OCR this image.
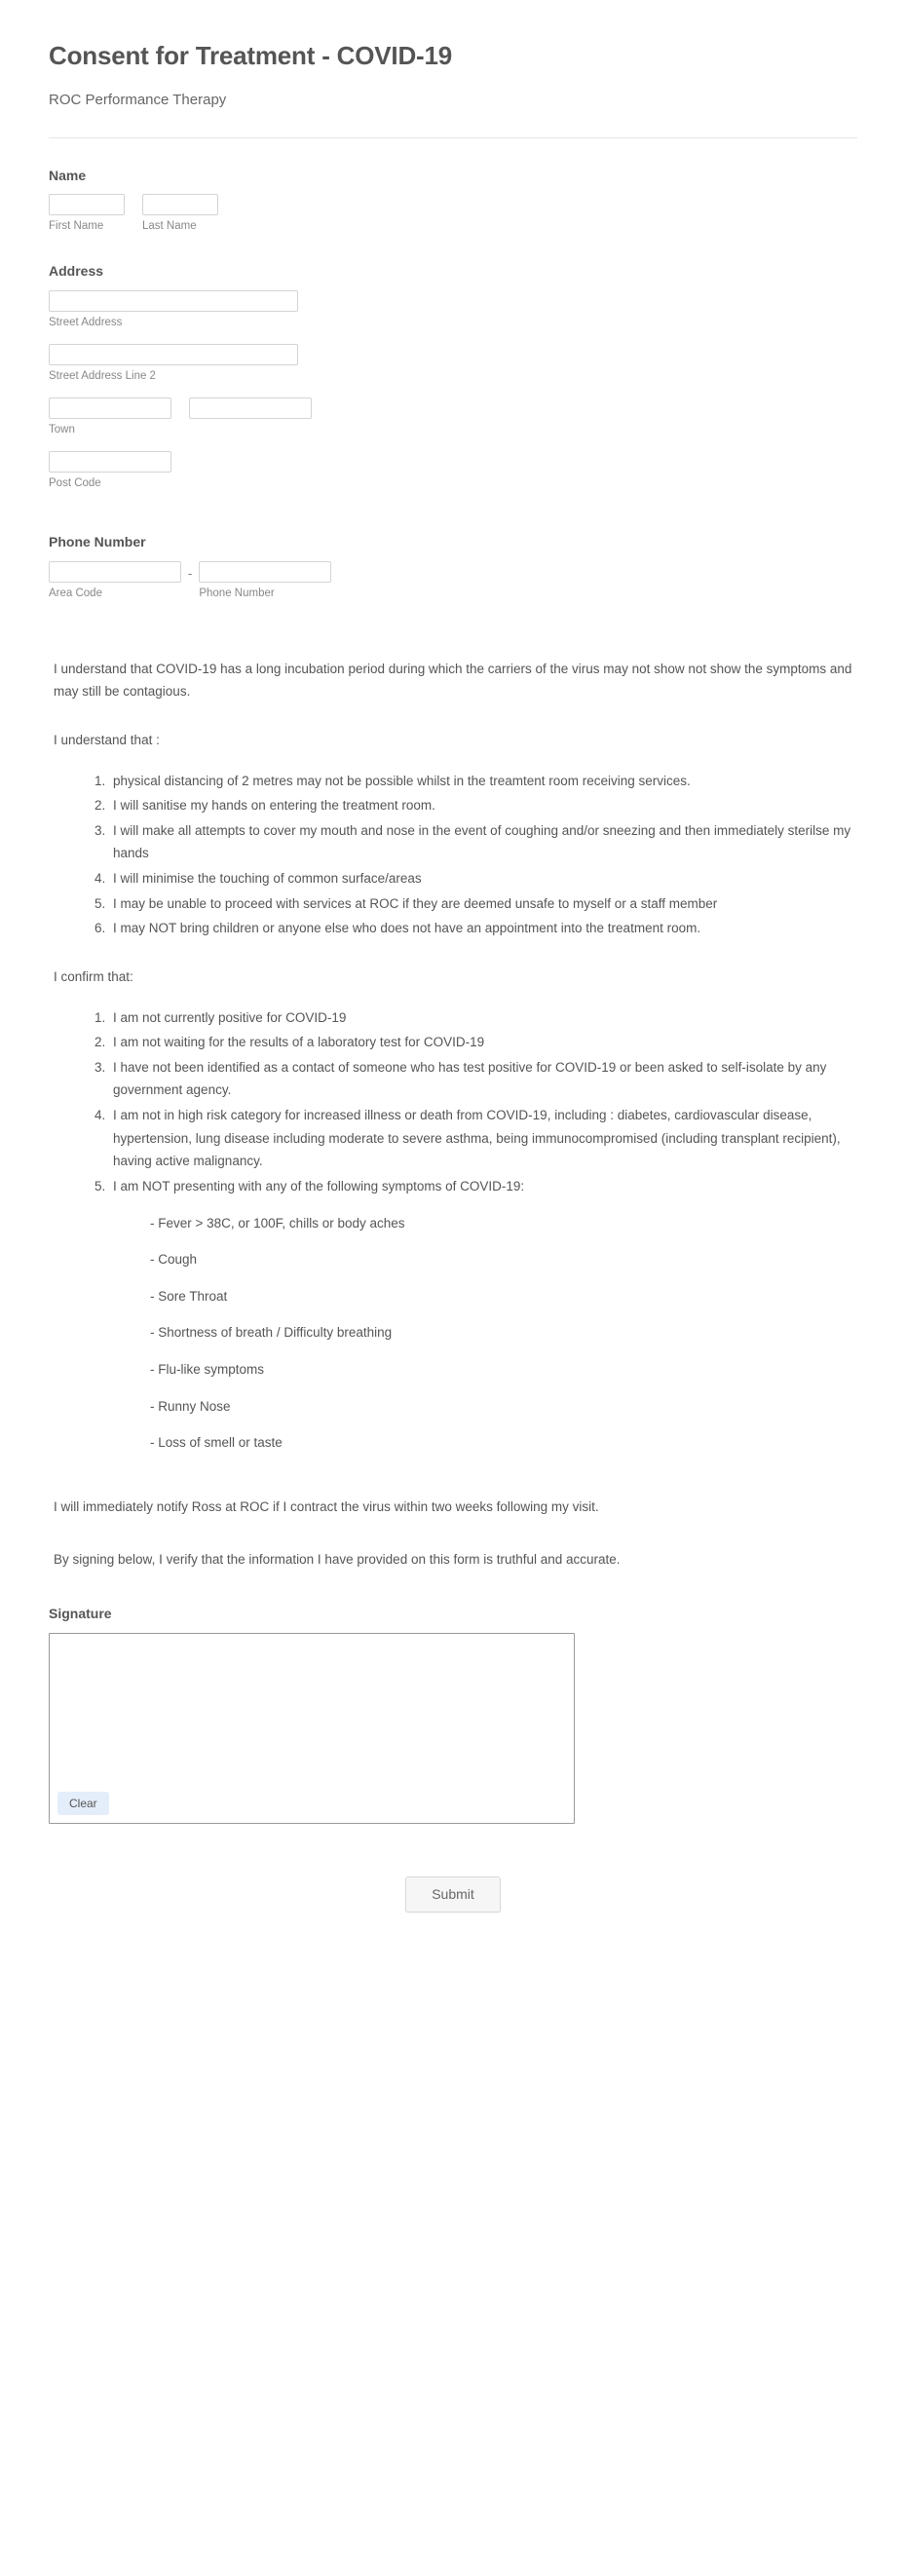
Consent for Treatment - COVID-19
ROC Performance Therapy
Name
First Name	Last Name
Address
Street Address
Street Address Line 2
Town
Post Code
Phone Number
Area Code
-
Phone Number

I understand that COVID-19 has a long incubation period during which the carriers of the virus may not show not show the symptoms and may still be contagious.

I understand that :

1. physical distancing of 2 metres may not be possible whilst in the treamtent room receiving services.
2. I will sanitise my hands on entering the treatment room.
3. I will make all attempts to cover my mouth and nose in the event of coughing and/or sneezing and then immediately sterilse my hands
4. I will minimise the touching of common surface/areas
5. I may be unable to proceed with services at ROC if they are deemed unsafe to myself or a staff member
6. I may NOT bring children or anyone else who does not have an appointment into the treatment room.

I confirm that:

1. I am not currently positive for COVID-19
2. I am not waiting for the results of a laboratory test for COVID-19
3. I have not been identified as a contact of someone who has test positive for COVID-19 or been asked to self-isolate by any government agency.
4. I am not in high risk category for increased illness or death from COVID-19, including : diabetes, cardiovascular disease, hypertension, lung disease including moderate to severe asthma, being immunocompromised (including transplant recipient), having active malignancy.
5. I am NOT presenting with any of the following symptoms of COVID-19:
- Fever > 38C, or 100F, chills or body aches
- Cough
- Sore Throat
- Shortness of breath / Difficulty breathing
- Flu-like symptoms
- Runny Nose
- Loss of smell or taste

I will immediately notify Ross at ROC if I contract the virus within two weeks following my visit.

By signing below, I verify that the information I have provided on this form is truthful and accurate.

Signature
Clear
Submit
